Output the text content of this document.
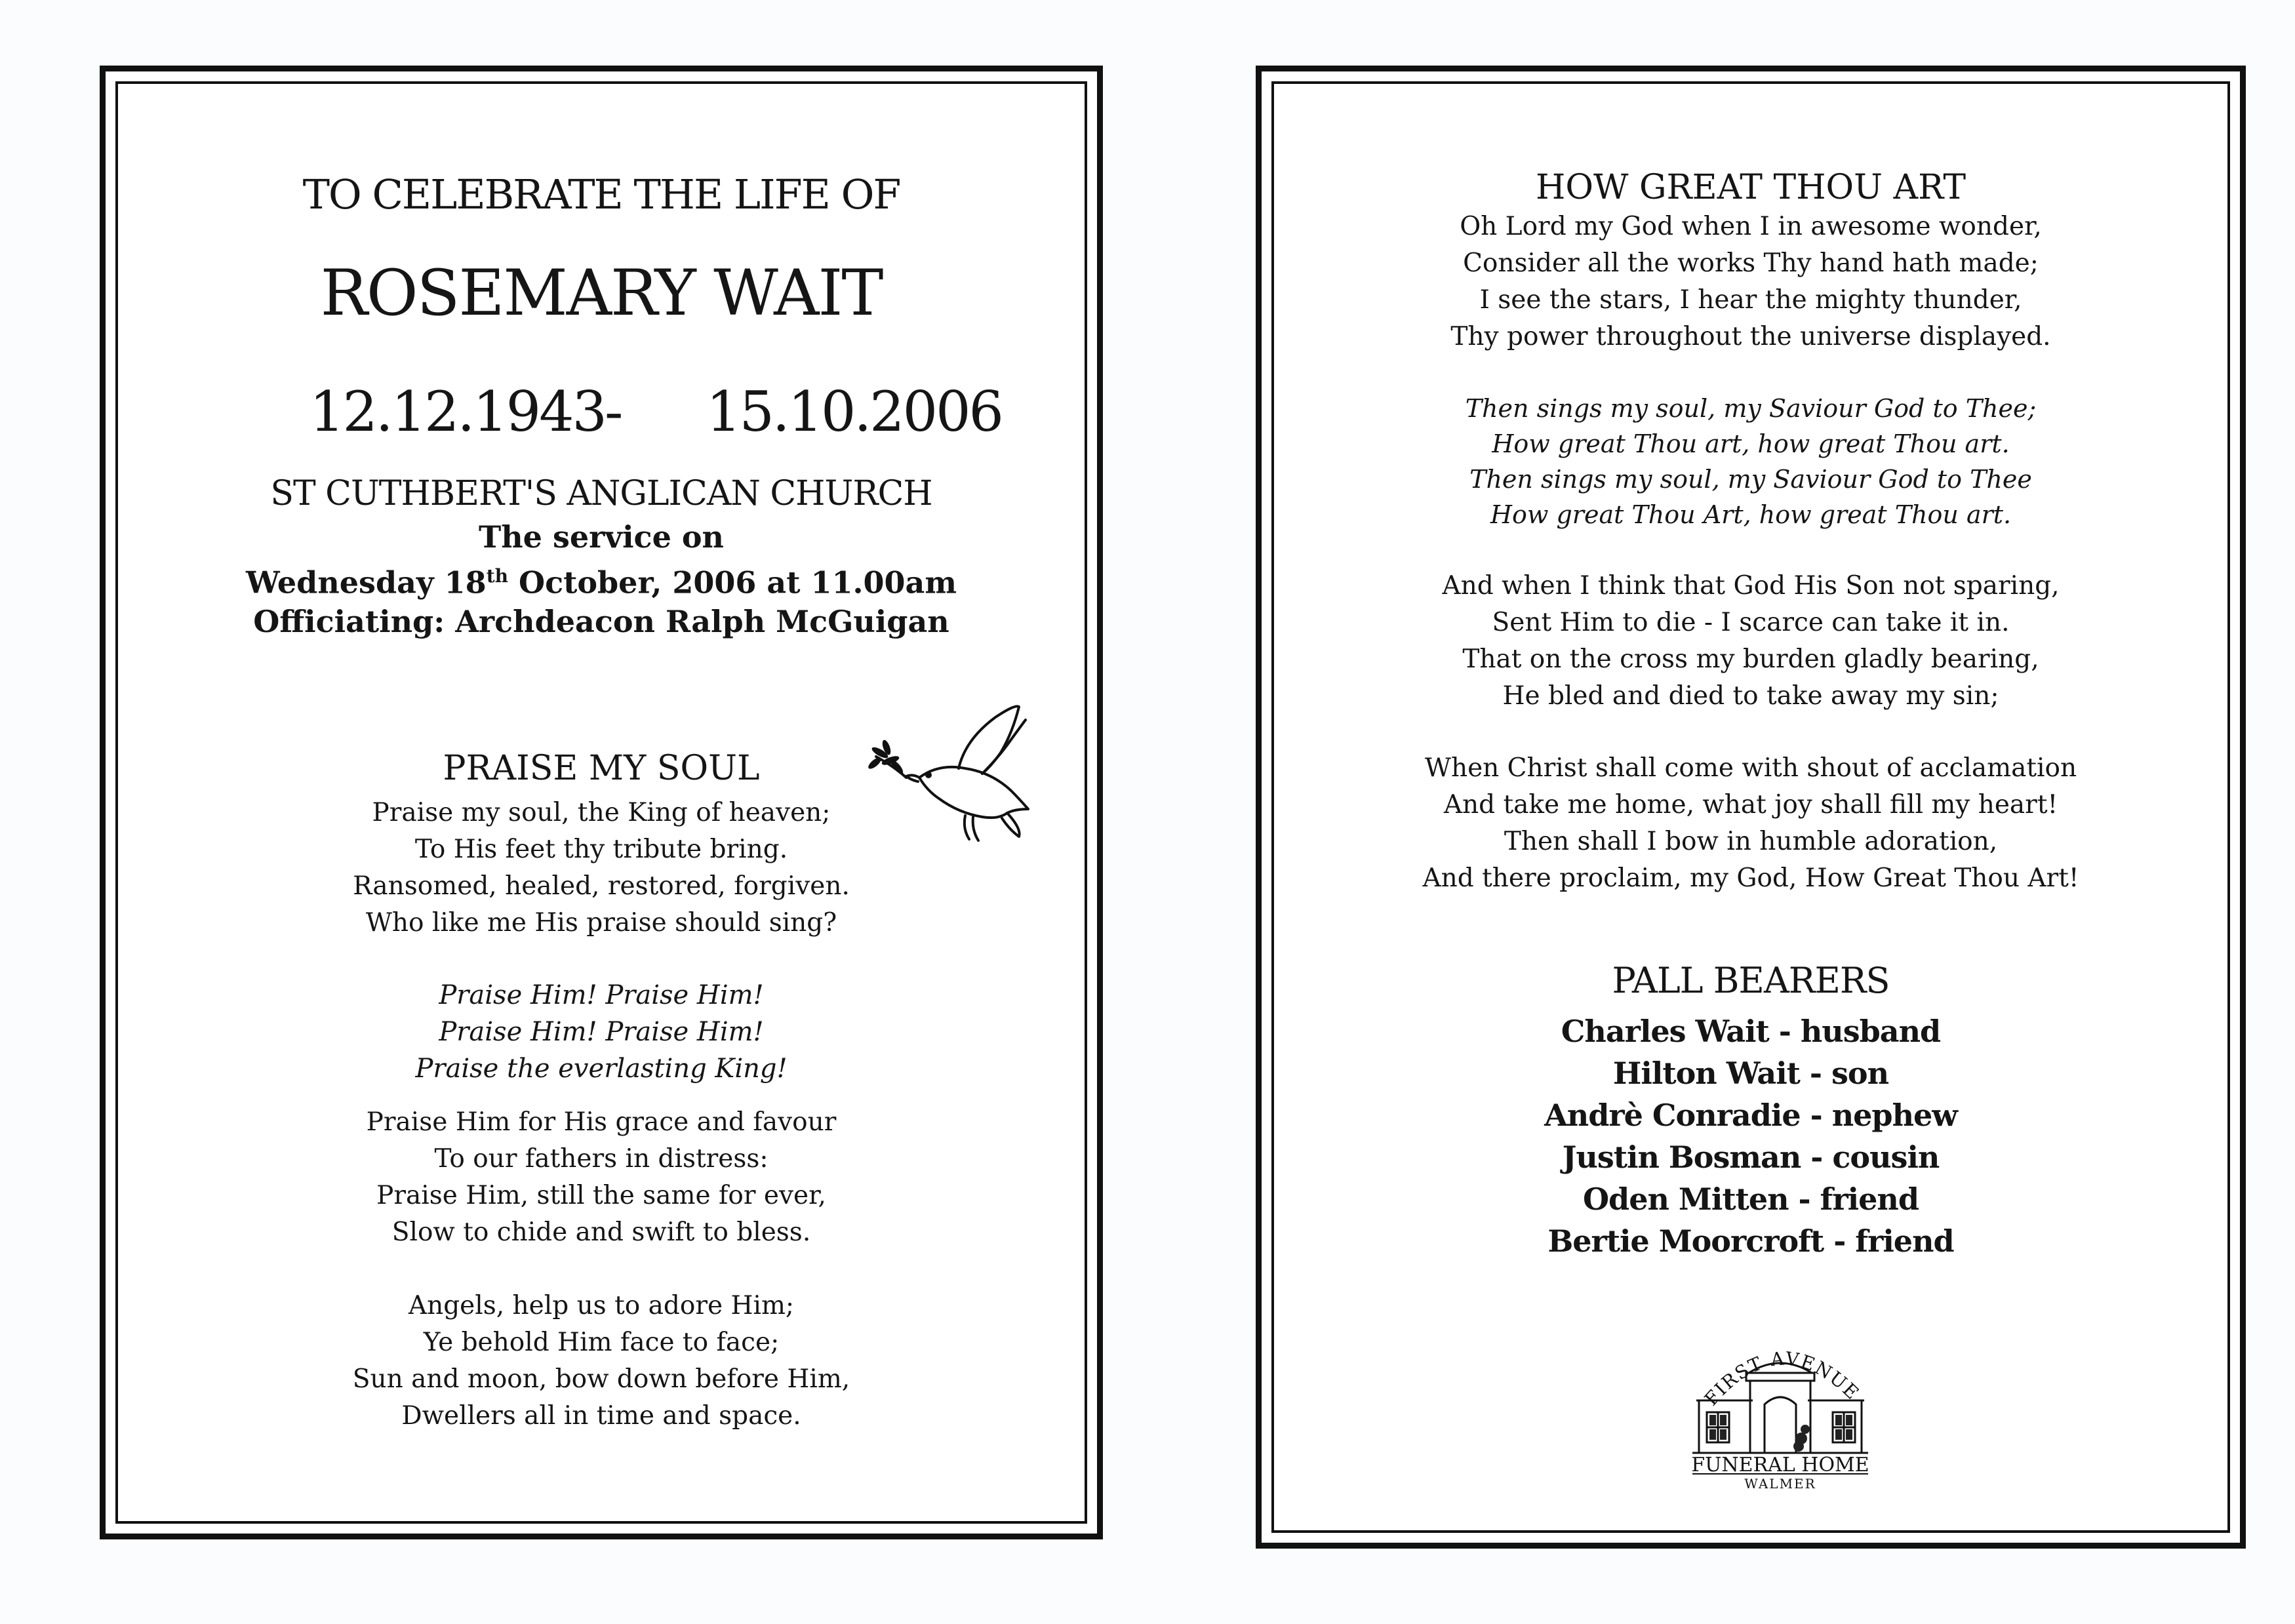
TO CELEBRATE THE LIFE OF
ROSEMARY WAIT
12.12.1943 - 15.10.2006
ST CUTHBERT'S ANGLICAN CHURCH
The service on
Wednesday 18th October, 2006 at 11.00am
Officiating: Archdeacon Ralph McGuigan
PRAISE MY SOUL
Praise my soul, the King of heaven;
To His feet thy tribute bring.
Ransomed, healed, restored, forgiven.
Who like me His praise should sing?
Praise Him! Praise Him!
Praise Him! Praise Him!
Praise the everlasting King!
Praise Him for His grace and favour
To our fathers in distress:
Praise Him, still the same for ever,
Slow to chide and swift to bless.
Angels, help us to adore Him;
Ye behold Him face to face;
Sun and moon, bow down before Him,
Dwellers all in time and space.
HOW GREAT THOU ART
Oh Lord my God when I in awesome wonder,
Consider all the works Thy hand hath made;
I see the stars, I hear the mighty thunder,
Thy power throughout the universe displayed.
Then sings my soul, my Saviour God to Thee;
How great Thou art, how great Thou art.
Then sings my soul, my Saviour God to Thee
How great Thou Art, how great Thou art.
And when I think that God His Son not sparing,
Sent Him to die - I scarce can take it in.
That on the cross my burden gladly bearing,
He bled and died to take away my sin;
When Christ shall come with shout of acclamation
And take me home, what joy shall fill my heart!
Then shall I bow in humble adoration,
And there proclaim, my God, How Great Thou Art!
PALL BEARERS
Charles Wait - husband
Hilton Wait - son
Andrè Conradie - nephew
Justin Bosman - cousin
Oden Mitten - friend
Bertie Moorcroft - friend
FIRST AVENUE
FUNERAL HOME
WALMER
